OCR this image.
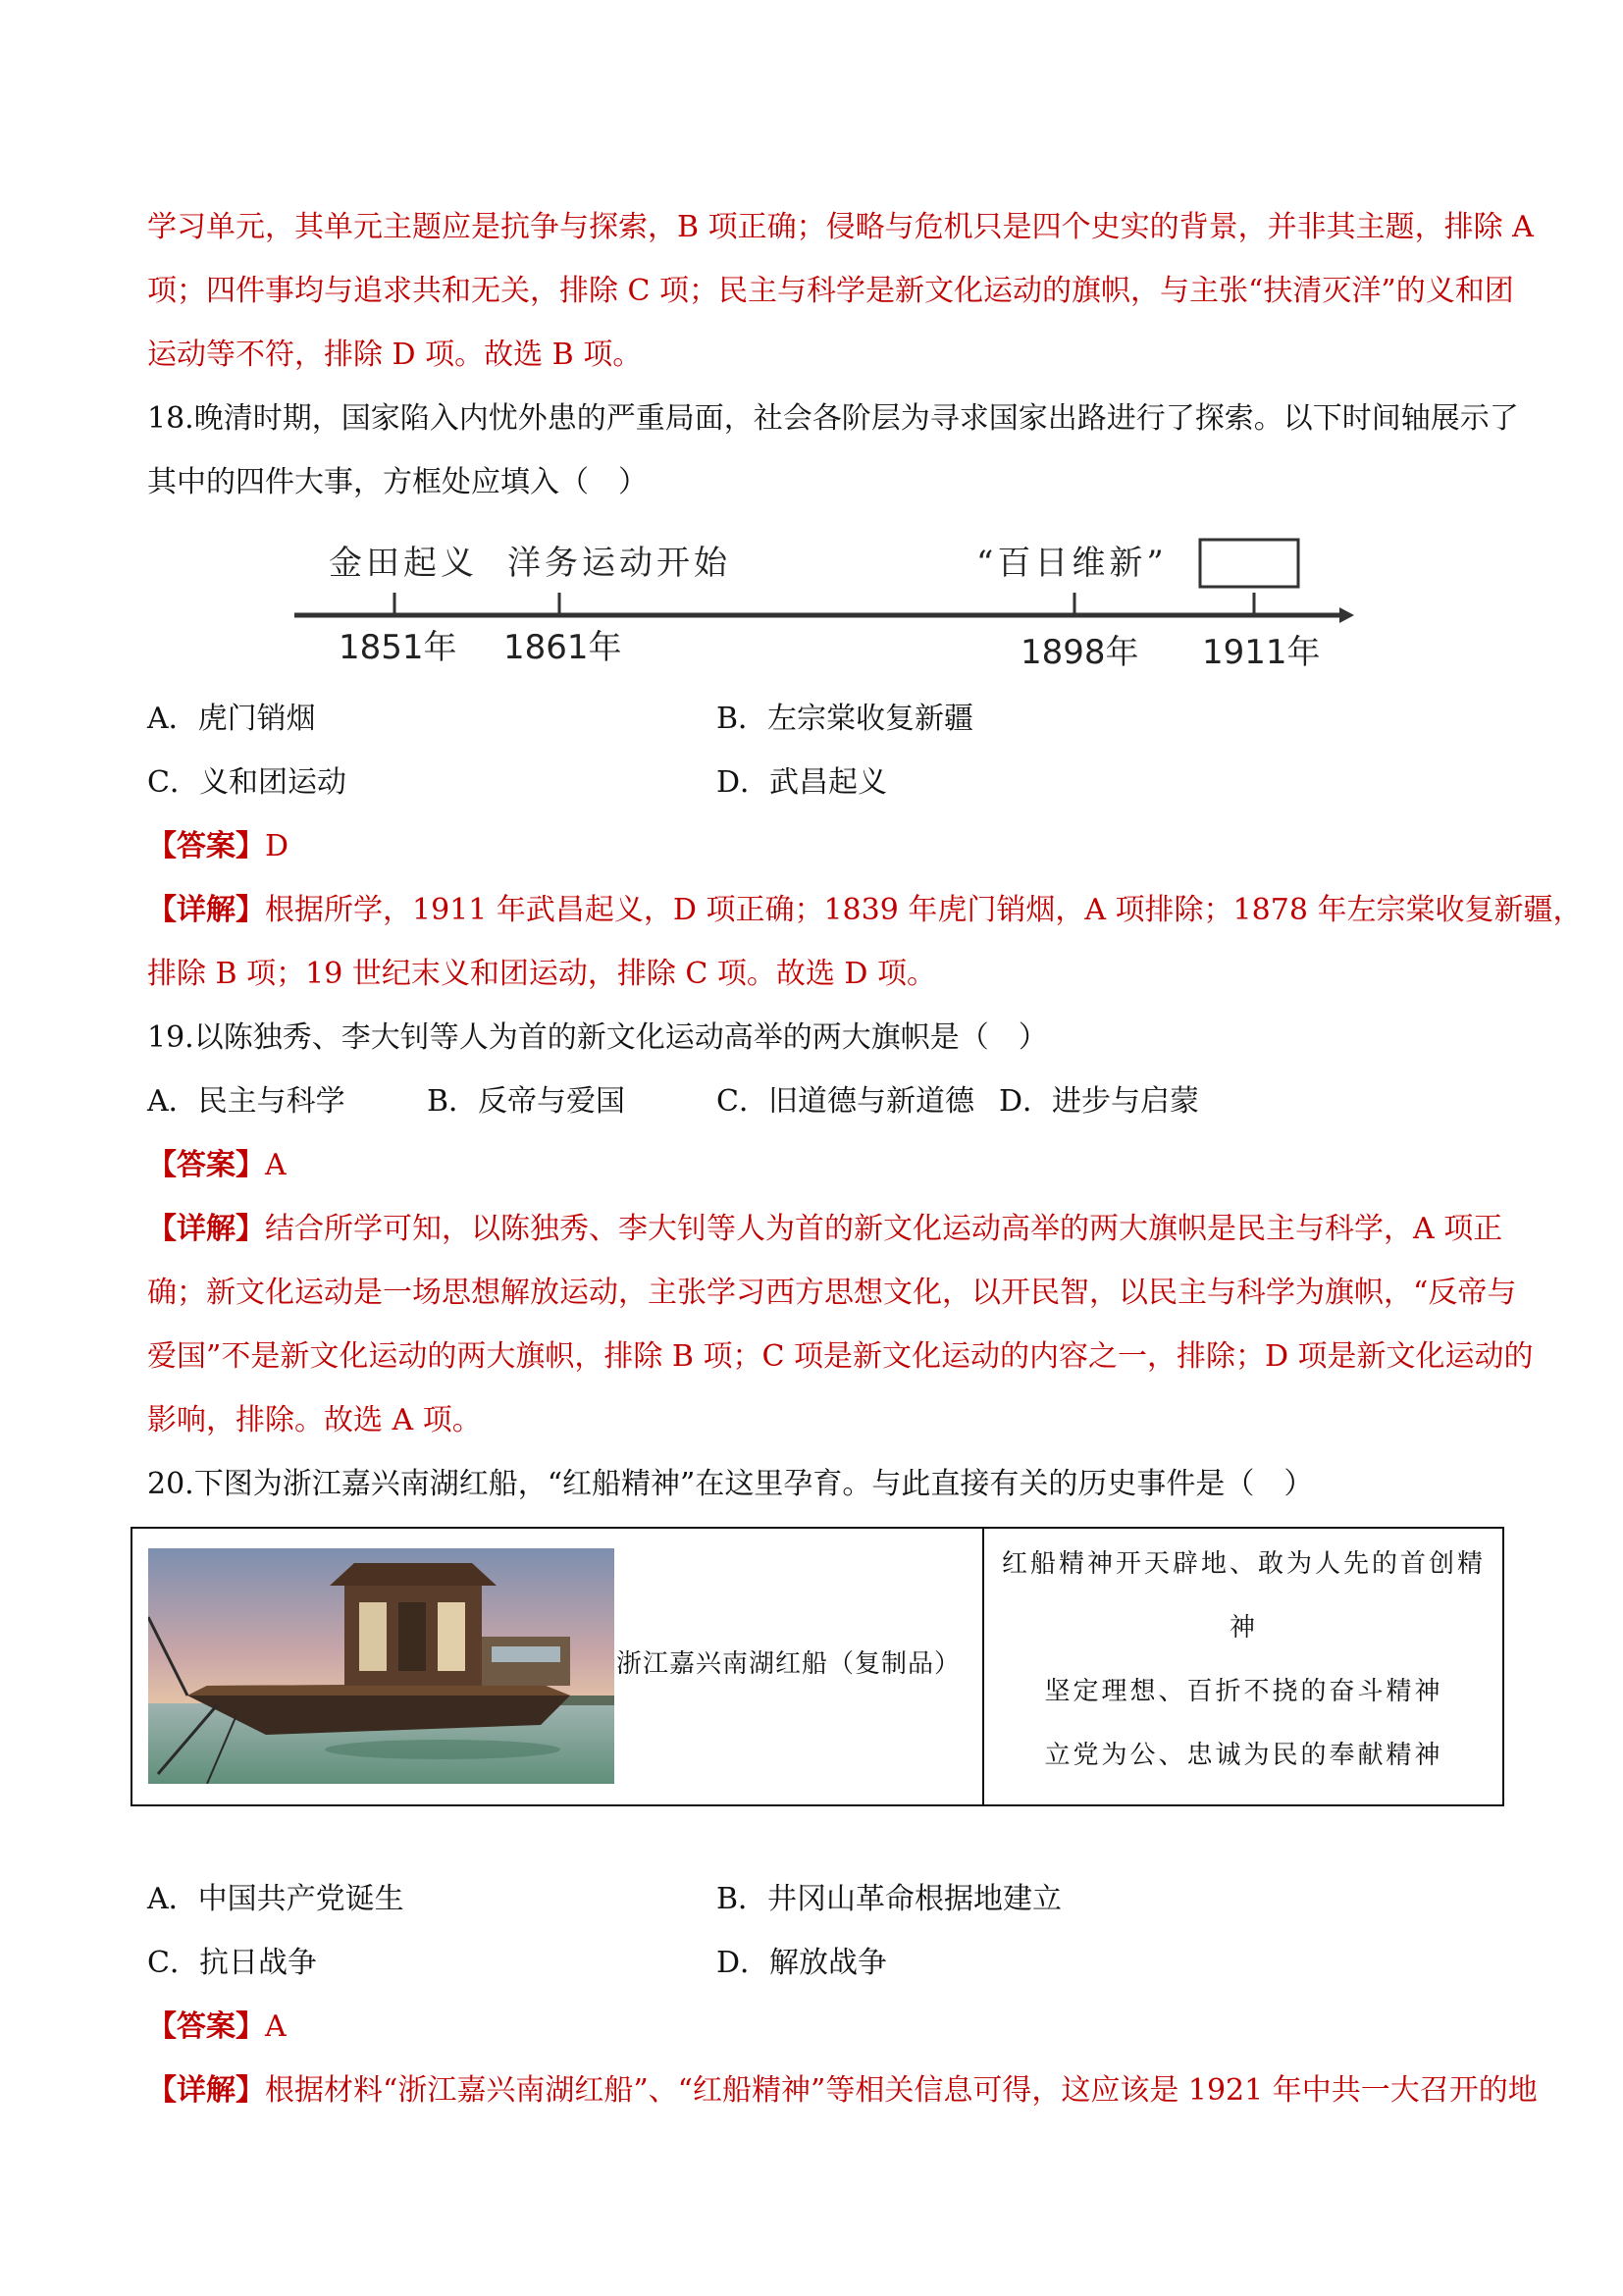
学习单元，其单元主题应是抗争与探索，B 项正确；侵略与危机只是四个史实的背景，并非其主题，排除 A
项；四件事均与追求共和无关，排除 C 项；民主与科学是新文化运动的旗帜，与主张“扶清灭洋”的义和团
运动等不符，排除 D 项。故选 B 项。
18.晚清时期，国家陷入内忧外患的严重局面，社会各阶层为寻求国家出路进行了探索。以下时间轴展示了
其中的四件大事，方框处应填入（　）
金田起义 洋务运动开始	“百日维新”
1851年 1861年	1898年 1911年
A．虎门销烟	B．左宗棠收复新疆
C．义和团运动	D．武昌起义
【答案】D
【详解】根据所学，1911 年武昌起义，D 项正确；1839 年虎门销烟，A 项排除；1878 年左宗棠收复新疆，
排除 B 项；19 世纪末义和团运动，排除 C 项。故选 D 项。
19.以陈独秀、李大钊等人为首的新文化运动高举的两大旗帜是（　）
A．民主与科学	B．反帝与爱国	C．旧道德与新道德 D．进步与启蒙
【答案】A
【详解】结合所学可知，以陈独秀、李大钊等人为首的新文化运动高举的两大旗帜是民主与科学，A 项正
确；新文化运动是一场思想解放运动，主张学习西方思想文化，以开民智，以民主与科学为旗帜，“反帝与
爱国”不是新文化运动的两大旗帜，排除 B 项；C 项是新文化运动的内容之一，排除；D 项是新文化运动的
影响，排除。故选 A 项。
20.下图为浙江嘉兴南湖红船，“红船精神”在这里孕育。与此直接有关的历史事件是（　）
浙江嘉兴南湖红船（复制品）
红船精神开天辟地、敢为人先的首创精
神
坚定理想、百折不挠的奋斗精神
立党为公、忠诚为民的奉献精神
A．中国共产党诞生	B．井冈山革命根据地建立
C．抗日战争	D．解放战争
【答案】A
【详解】根据材料“浙江嘉兴南湖红船”、“红船精神”等相关信息可得，这应该是 1921 年中共一大召开的地
